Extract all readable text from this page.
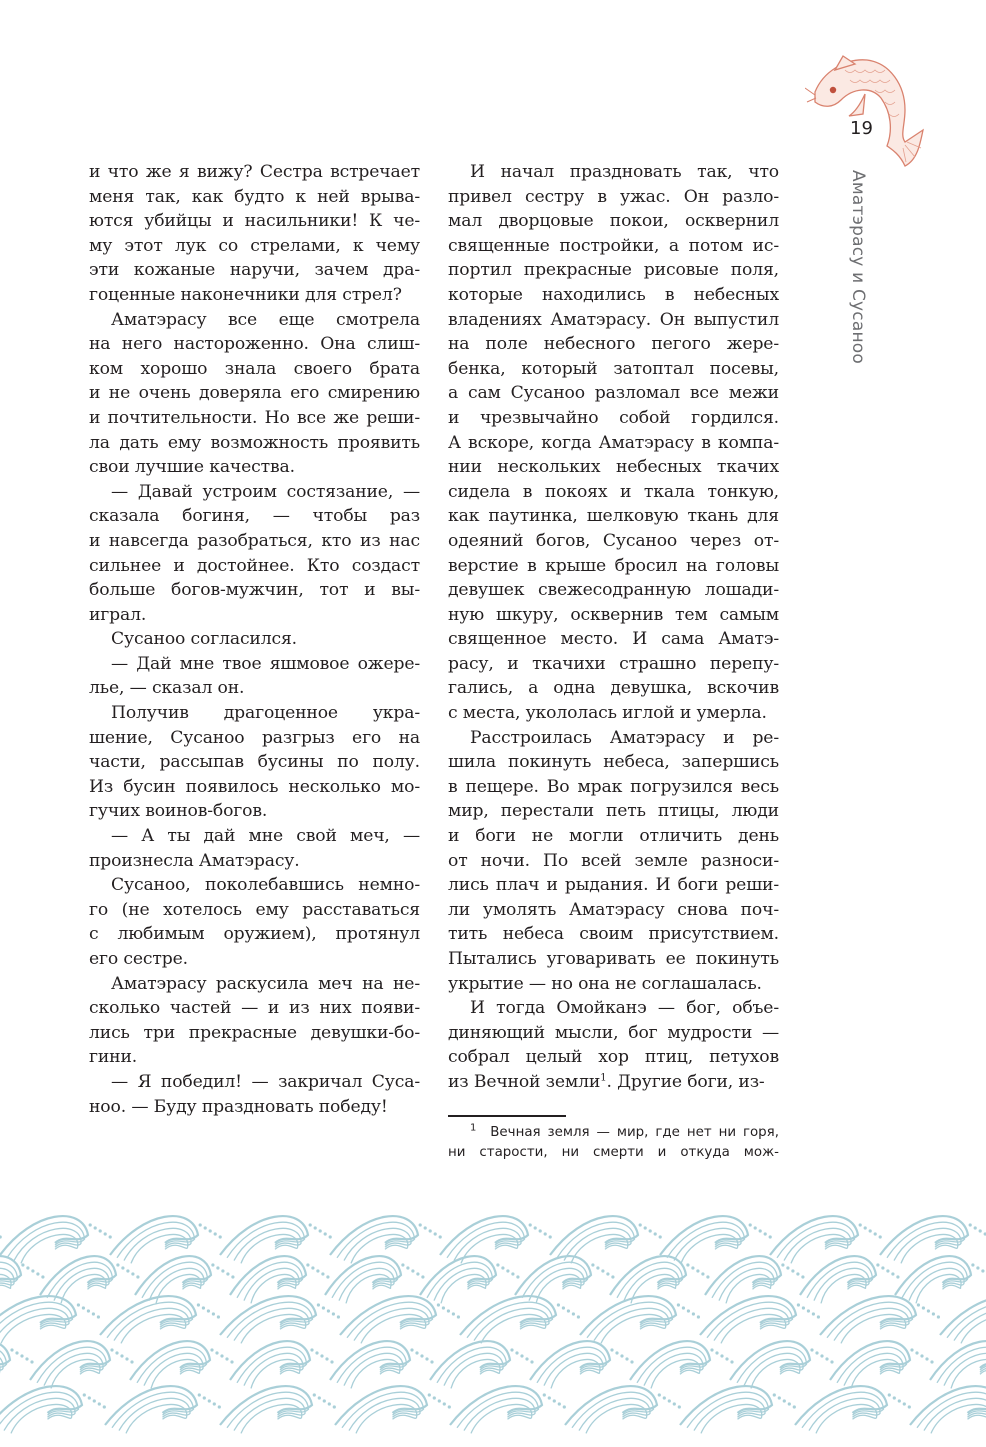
19
Аматэрасу и Сусаноо
и что же я вижу? Сестра встречает
меня так, как будто к ней врыва-
ются убийцы и насильники! К че-
му этот лук со стрелами, к чему
эти кожаные наручи, зачем дра-
гоценные наконечники для стрел?
Аматэрасу все еще смотрела
на него настороженно. Она слиш-
ком хорошо знала своего брата
и не очень доверяла его смирению
и почтительности. Но все же реши-
ла дать ему возможность проявить
свои лучшие качества.
— Давай устроим состязание, —
сказала богиня, — чтобы раз
и навсегда разобраться, кто из нас
сильнее и достойнее. Кто создаст
больше богов-мужчин, тот и вы-
играл.
Сусаноо согласился.
— Дай мне твое яшмовое ожере-
лье, — сказал он.
Получив драгоценное укра-
шение, Сусаноо разгрыз его на
части, рассыпав бусины по полу.
Из бусин появилось несколько мо-
гучих воинов-богов.
— А ты дай мне свой меч, —
произнесла Аматэрасу.
Сусаноо, поколебавшись немно-
го (не хотелось ему расставаться
с любимым оружием), протянул
его сестре.
Аматэрасу раскусила меч на не-
сколько частей — и из них появи-
лись три прекрасные девушки-бо-
гини.
— Я победил! — закричал Суса-
ноо. — Буду праздновать победу!
И начал праздновать так, что
привел сестру в ужас. Он разло-
мал дворцовые покои, осквернил
священные постройки, а потом ис-
портил прекрасные рисовые поля,
которые находились в небесных
владениях Аматэрасу. Он выпустил
на поле небесного пегого жере-
бенка, который затоптал посевы,
а сам Сусаноо разломал все межи
и чрезвычайно собой гордился.
А вскоре, когда Аматэрасу в компа-
нии нескольких небесных ткачих
сидела в покоях и ткала тонкую,
как паутинка, шелковую ткань для
одеяний богов, Сусаноо через от-
верстие в крыше бросил на головы
девушек свежесодранную лошади-
ную шкуру, осквернив тем самым
священное место. И сама Аматэ-
расу, и ткачихи страшно перепу-
гались, а одна девушка, вскочив
с места, укололась иглой и умерла.
Расстроилась Аматэрасу и ре-
шила покинуть небеса, запершись
в пещере. Во мрак погрузился весь
мир, перестали петь птицы, люди
и боги не могли отличить день
от ночи. По всей земле разноси-
лись плач и рыдания. И боги реши-
ли умолять Аматэрасу снова поч-
тить небеса своим присутствием.
Пытались уговаривать ее покинуть
укрытие — но она не соглашалась.
И тогда Омойканэ — бог, объе-
диняющий мысли, бог мудрости —
собрал целый хор птиц, петухов
из Вечной земли$^1$. Другие боги, из-
$^1$ Вечная земля — мир, где нет ни горя,
ни старости, ни смерти и откуда мож-
